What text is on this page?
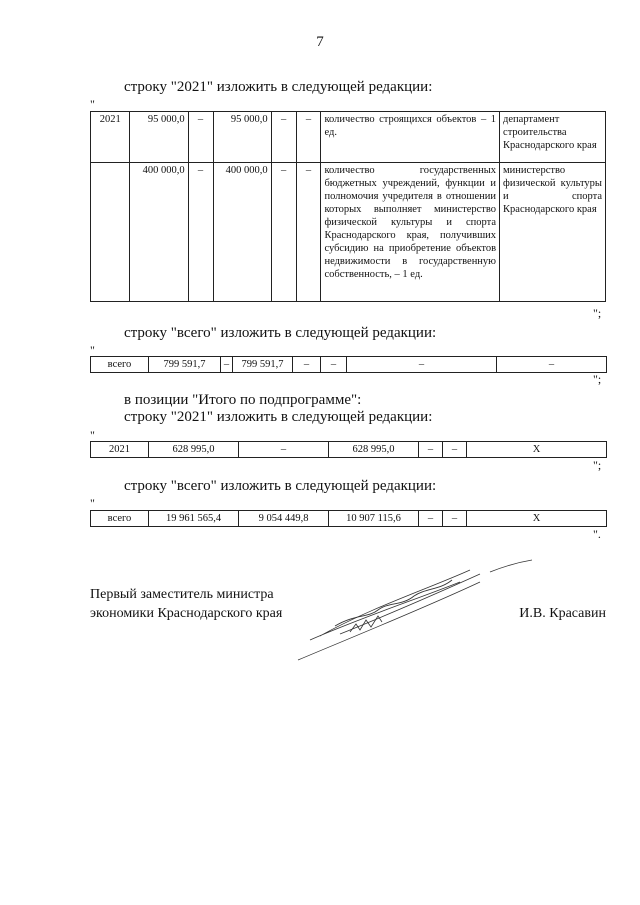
7
строку "2021" изложить в следующей редакции:
"
2021	95 000,0	–	95 000,0	–	–	количество строящихся объектов – 1 ед.	департамент строительства Краснодарского края
	400 000,0	–	400 000,0	–	–	количество государственных бюджетных учреждений, функции и полномочия учредителя в отношении которых выполняет министерство физической культуры и спорта Краснодарского края, получивших субсидию на приобретение объектов недвижимости в государственную собственность, – 1 ед.	министерство физической культуры и спорта Краснодарского края
";
строку "всего" изложить в следующей редакции:
"
всего	799 591,7	–	799 591,7	–	–	–	–
";
в позиции "Итого по подпрограмме":
строку "2021" изложить в следующей редакции:
"
2021	628 995,0	–	628 995,0	–	–	Х
";
строку "всего" изложить в следующей редакции:
"
всего	19 961 565,4	9 054 449,8	10 907 115,6	–	–	Х
".
Первый заместитель министра
экономики Краснодарского края	И.В. Красавин
